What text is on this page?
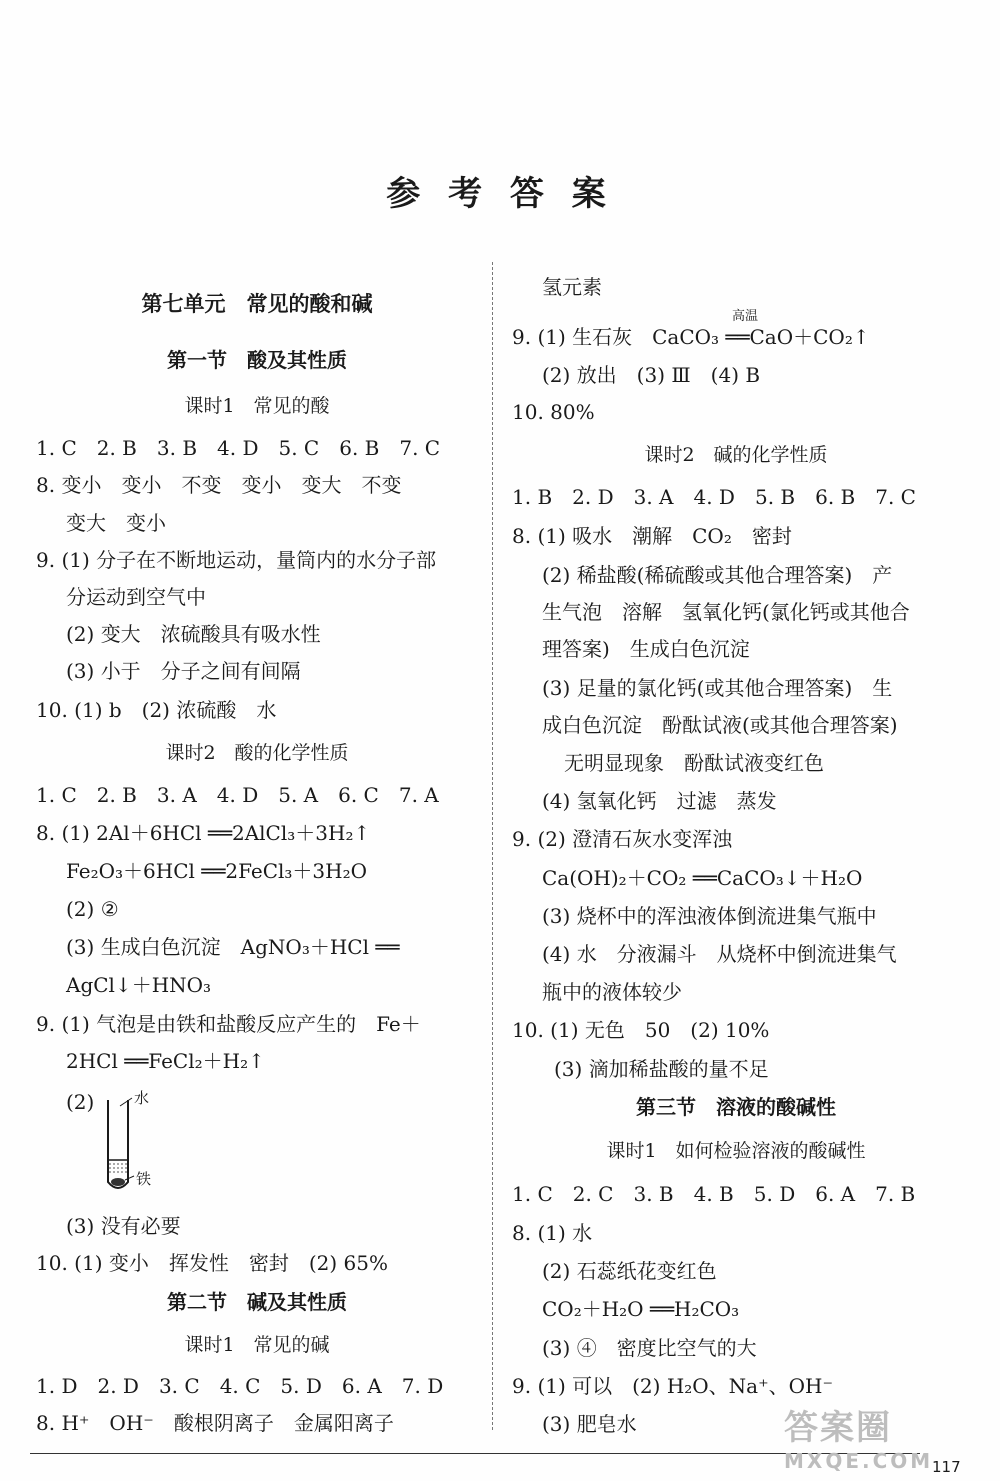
参 考 答 案
第七单元　常见的酸和碱
第一节　酸及其性质
课时1　常见的酸
1. C　2. B　3. B　4. D　5. C　6. B　7. C
8. 变小　变小　不变　变小　变大　不变
变大　变小
9. (1) 分子在不断地运动，量筒内的水分子部
分运动到空气中
(2) 变大　浓硫酸具有吸水性
(3) 小于　分子之间有间隔
10. (1) b　(2) 浓硫酸　水
课时2　酸的化学性质
1. C　2. B　3. A　4. D　5. A　6. C　7. A
8. (1) 2Al＋6HCl ══2AlCl₃＋3H₂↑
Fe₂O₃＋6HCl ══2FeCl₃＋3H₂O
(2) ②
(3) 生成白色沉淀　AgNO₃＋HCl ══
AgCl↓＋HNO₃
9. (1) 气泡是由铁和盐酸反应产生的　Fe＋
2HCl ══FeCl₂＋H₂↑
(2)	水
铁
(3) 没有必要
10. (1) 变小　挥发性　密封　(2) 65%
第二节　碱及其性质
课时1　常见的碱
1. D　2. D　3. C　4. C　5. D　6. A　7. D
8. H⁺　OH⁻　酸根阴离子　金属阳离子
氢元素
9. (1) 生石灰　CaCO₃ ══CaO＋CO₂↑
高温
(2) 放出　(3) Ⅲ　(4) B
10. 80%
课时2　碱的化学性质
1. B　2. D　3. A　4. D　5. B　6. B　7. C
8. (1) 吸水　潮解　CO₂　密封
(2) 稀盐酸(稀硫酸或其他合理答案)　产
生气泡　溶解　氢氧化钙(氯化钙或其他合
理答案)　生成白色沉淀
(3) 足量的氯化钙(或其他合理答案)　生
成白色沉淀　酚酞试液(或其他合理答案)
无明显现象　酚酞试液变红色
(4) 氢氧化钙　过滤　蒸发
9. (2) 澄清石灰水变浑浊
Ca(OH)₂＋CO₂ ══CaCO₃↓＋H₂O
(3) 烧杯中的浑浊液体倒流进集气瓶中
(4) 水　分液漏斗　从烧杯中倒流进集气
瓶中的液体较少
10. (1) 无色　50　(2) 10%
(3) 滴加稀盐酸的量不足
第三节　溶液的酸碱性
课时1　如何检验溶液的酸碱性
1. C　2. C　3. B　4. B　5. D　6. A　7. B
8. (1) 水
(2) 石蕊纸花变红色
CO₂＋H₂O ══H₂CO₃
(3) ④　密度比空气的大
9. (1) 可以　(2) H₂O、Na⁺、OH⁻
(3) 肥皂水	答案圈
MXQE.COM
117
